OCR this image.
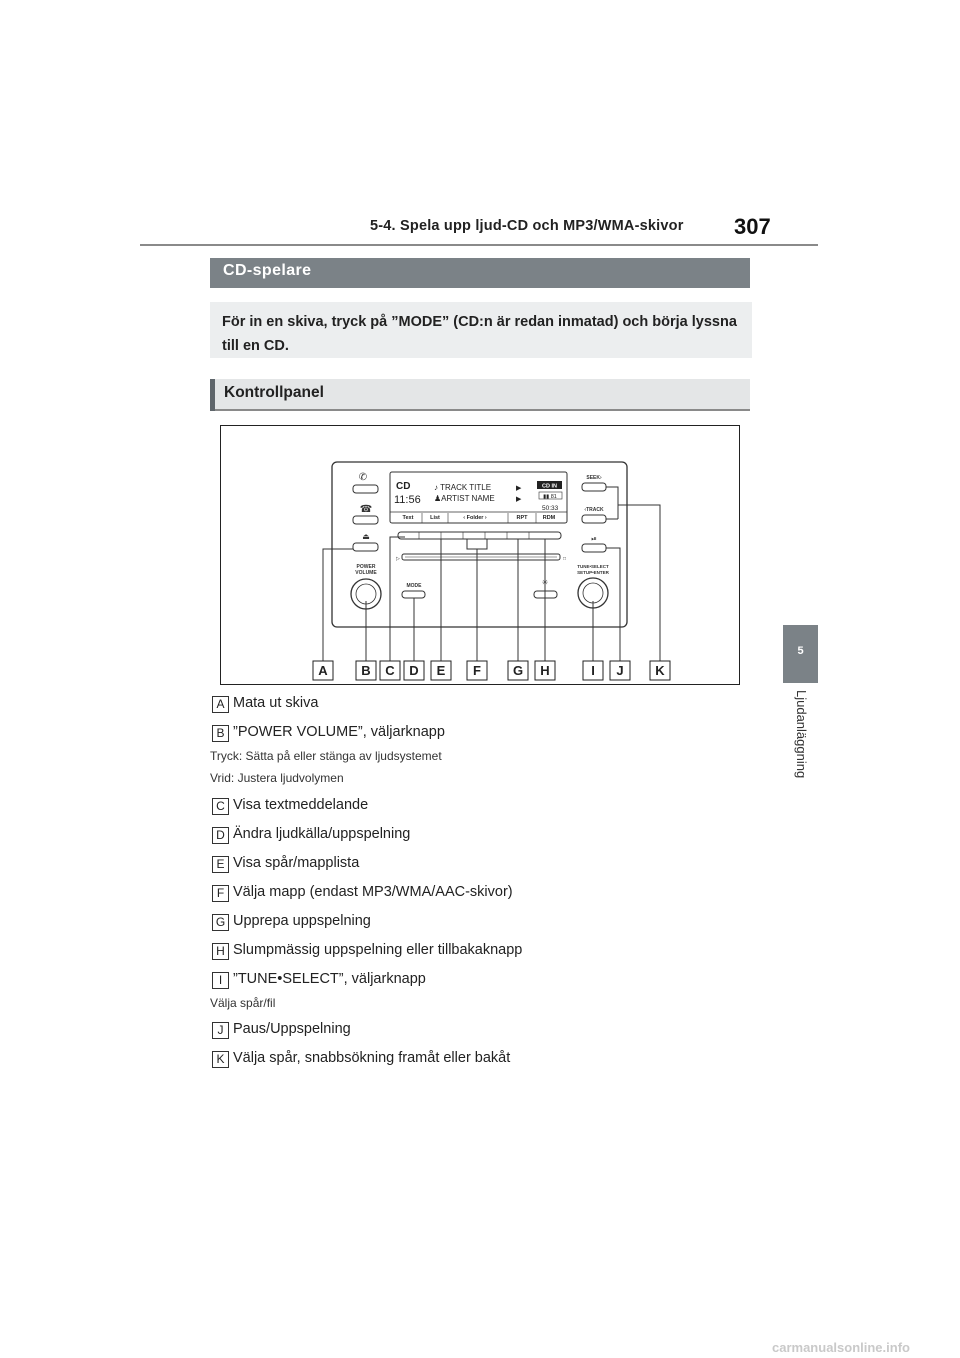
5-4. Spela upp ljud-CD och MP3/WMA-skivor 307
5
Ljudanläggning
CD-spelare

För in en skiva, tryck på ”MODE” (CD:n är redan inmatad) och börja lyssna till en CD.

Kontrollpanel
✆
☎
⏏
POWER
VOLUME
CD
11:56
♪ TRACK TITLE
♟ARTIST NAME
▶
▶
CD IN
▮▮ 81
50:33
Text	List	‹ Folder ›	RPT	RDM
▷	□
MODE	✳
SEEK›
‹TRACK
⏯
TUNE•SELECT
SETUP•ENTER
A	B C D E F G H	I J K
A Mata ut skiva
B ”POWER VOLUME”, väljarknapp
Tryck: Sätta på eller stänga av ljudsystemet
Vrid: Justera ljudvolymen
C Visa textmeddelande
D Ändra ljudkälla/uppspelning
E Visa spår/mapplista
F Välja mapp (endast MP3/WMA/AAC-skivor)
G Upprepa uppspelning
H Slumpmässig uppspelning eller tillbakaknapp
I ”TUNE•SELECT”, väljarknapp
Välja spår/fil
J Paus/Uppspelning
K Välja spår, snabbsökning framåt eller bakåt
carmanualsonline.info
